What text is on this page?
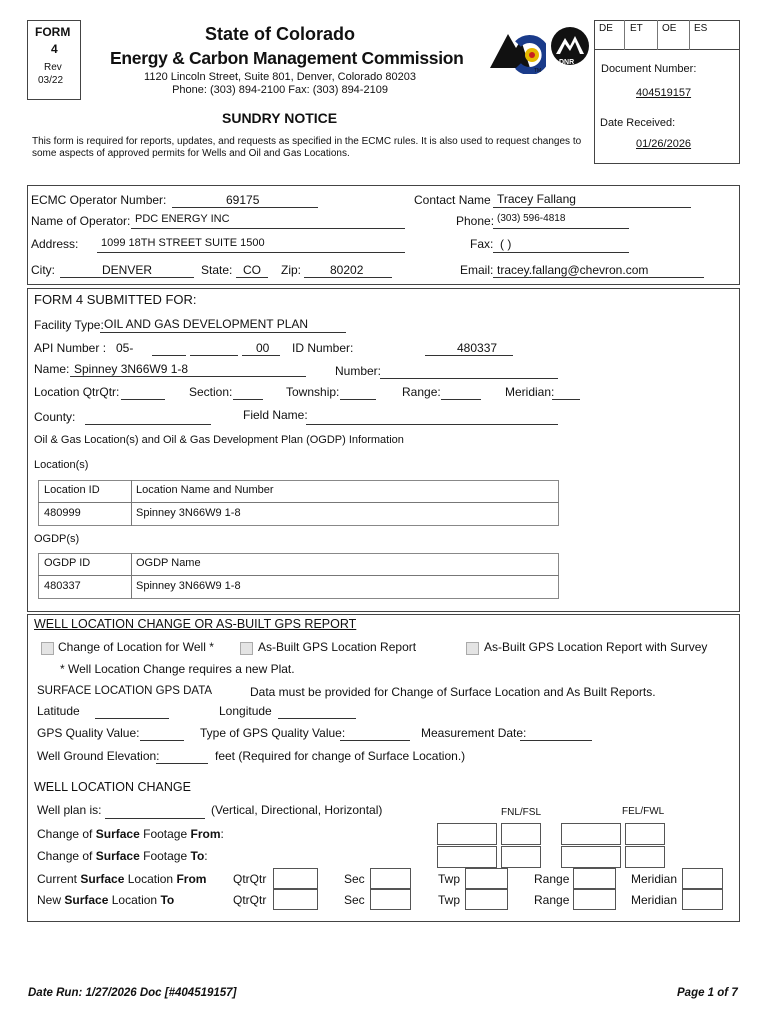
FORM
4
Rev
03/22
State of Colorado
Energy & Carbon Management Commission
1120 Lincoln Street, Suite 801, Denver, Colorado 80203
Phone: (303) 894-2100 Fax: (303) 894-2109
TM
DNR
SUNDRY NOTICE
This form is required for reports, updates, and requests as specified in the ECMC rules. It is also used to request changes to some aspects of approved permits for Wells and Oil and Gas Locations.
DE ET OE ES
Document Number:
404519157
Date Received:
01/26/2026
ECMC Operator Number:	69175	Contact Name Tracey Fallang
Name of Operator: PDC ENERGY INC	Phone: (303) 596-4818
Address: 1099 18TH STREET SUITE 1500	Fax: ( )
City:	DENVER	State: CO Zip: 80202	Email: tracey.fallang@chevron.com
FORM 4 SUBMITTED FOR:
Facility Type: OIL AND GAS DEVELOPMENT PLAN
API Number : 05-	00 ID Number:	480337
Name: Spinney 3N66W9 1-8	Number:
Location QtrQtr:	Section:	Township:	Range:	Meridian:
County:	Field Name:
Oil & Gas Location(s) and Oil & Gas Development Plan (OGDP) Information
Location(s)
Location ID	Location Name and Number
480999	Spinney 3N66W9 1-8
OGDP(s)
OGDP ID	OGDP Name
480337	Spinney 3N66W9 1-8
WELL LOCATION CHANGE OR AS-BUILT GPS REPORT
Change of Location for Well *	As-Built GPS Location Report	As-Built GPS Location Report with Survey
* Well Location Change requires a new Plat.
SURFACE LOCATION GPS DATA	Data must be provided for Change of Surface Location and As Built Reports.
Latitude	Longitude
GPS Quality Value:	Type of GPS Quality Value:	Measurement Date:
Well Ground Elevation:	feet (Required for change of Surface Location.)
WELL LOCATION CHANGE
Well plan is:	(Vertical, Directional, Horizontal)	FNL/FSL	FEL/FWL
Change of Surface Footage From:
Change of Surface Footage To:
Current Surface Location From QtrQtr	Sec	Twp	Range	Meridian
New Surface Location To	QtrQtr	Sec	Twp	Range	Meridian
Date Run: 1/27/2026 Doc [#404519157]	Page 1 of 7
